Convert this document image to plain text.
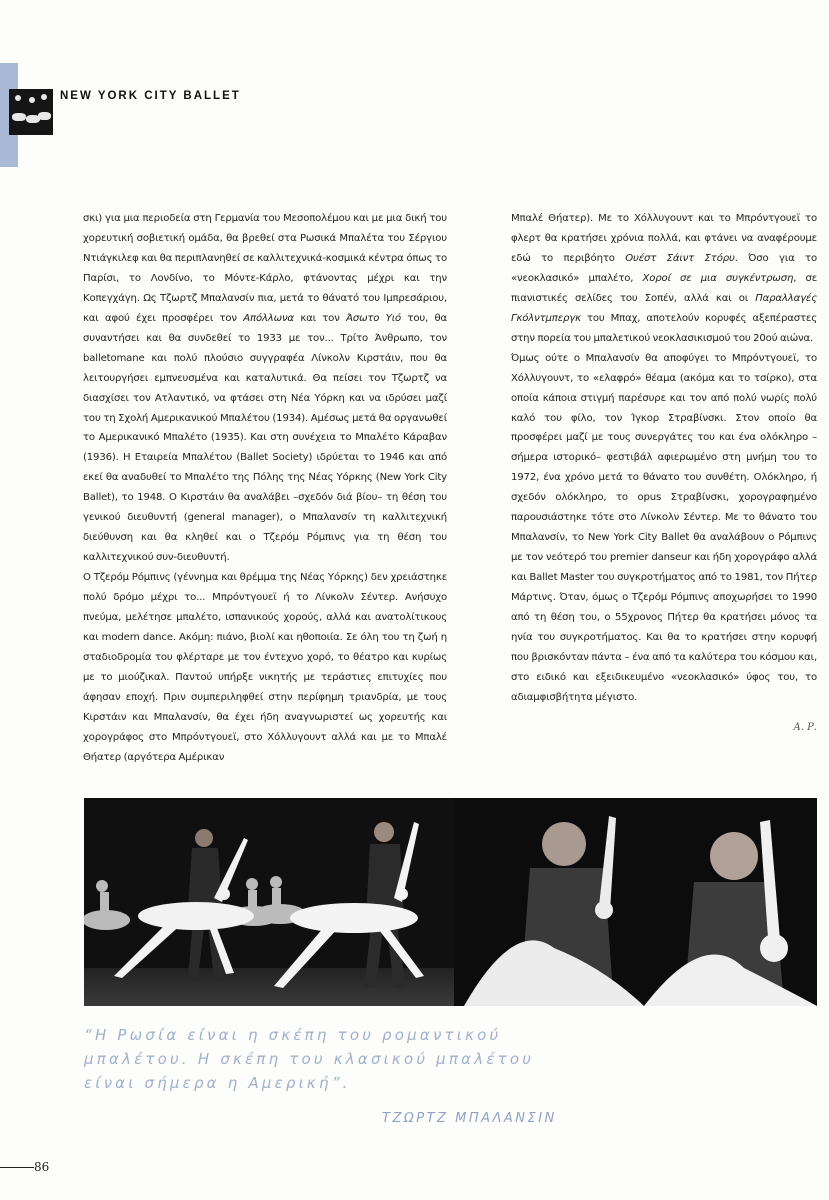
NEW YORK CITY BALLET

σκι) για μια περιοδεία στη Γερμανία του Μεσοπολέμου και με μια δική του χορευτική σοβιετική ομάδα, θα βρεθεί στα Ρωσικά Μπαλέτα του Σέργιου Ντιάγκιλεφ και θα περιπλανηθεί σε καλλιτεχνικά-κοσμικά κέντρα όπως το Παρίσι, το Λονδίνο, το Μόντε-Κάρλο, φτάνοντας μέχρι και την Κοπεγχάγη. Ως Τζωρτζ Μπαλανσίν πια, μετά το θάνατό του Ιμπρεσάριου, και αφού έχει προσφέρει τον Απόλλωνα και τον Άσωτο Υιό του, θα συναντήσει και θα συνδεθεί το 1933 με τον... Τρίτο Άνθρωπο, τον balletomane και πολύ πλούσιο συγγραφέα Λίνκολν Κιρστάιν, που θα λειτουργήσει εμπνευσμένα και καταλυτικά. Θα πείσει τον Τζωρτζ να διασχίσει τον Ατλαντικό, να φτάσει στη Νέα Υόρκη και να ιδρύσει μαζί του τη Σχολή Αμερικανικού Μπαλέτου (1934). Αμέσως μετά θα οργανωθεί το Αμερικανικό Μπαλέτο (1935). Και στη συνέχεια το Μπαλέτο Κάραβαν (1936). Η Εταιρεία Μπαλέτου (Ballet Society) ιδρύεται το 1946 και από εκεί θα αναδυθεί το Μπαλέτο της Πόλης της Νέας Υόρκης (New York City Ballet), το 1948. Ο Κιρστάιν θα αναλάβει –σχεδόν διά βίου– τη θέση του γενικού διευθυντή (general manager), ο Μπαλανσίν τη καλλιτεχνική διεύθυνση και θα κληθεί και ο Τζερόμ Ρόμπινς για τη θέση του καλλιτεχνικού συν-διευθυντή.

Ο Τζερόμ Ρόμπινς (γέννημα και θρέμμα της Νέας Υόρκης) δεν χρειάστηκε πολύ δρόμο μέχρι το... Μπρόντγουεϊ ή το Λίνκολν Σέντερ. Ανήσυχο πνεύμα, μελέτησε μπαλέτο, ισπανικούς χορούς, αλλά και ανατολίτικους και modern dance. Ακόμη: πιάνο, βιολί και ηθοποιία. Σε όλη του τη ζωή η σταδιοδρομία του φλέρταρε με τον έντεχνο χορό, το θέατρο και κυρίως με το μιούζικαλ. Παντού υπήρξε νικητής με τεράστιες επιτυχίες που άφησαν εποχή. Πριν συμπεριληφθεί στην περίφημη τριανδρία, με τους Κιρστάιν και Μπαλανσίν, θα έχει ήδη αναγνωριστεί ως χορευτής και χορογράφος στο Μπρόντγουεϊ, στο Χόλλυγουντ αλλά και με το Μπαλέ Θήατερ (αργότερα Αμέρικαν

Μπαλέ Θήατερ). Με το Χόλλυγουντ και το Μπρόντγουεϊ το φλερτ θα κρατήσει χρόνια πολλά, και φτάνει να αναφέρουμε εδώ το περιβόητο Ουέστ Σάιντ Στόρυ. Όσο για το «νεοκλασικό» μπαλέτο, Χοροί σε μια συγκέντρωση, σε πιανιστικές σελίδες του Σοπέν, αλλά και οι Παραλλαγές Γκόλντμπεργκ του Μπαχ, αποτελούν κορυφές αξεπέραστες στην πορεία του μπαλετικού νεοκλασικισμού του 20ού αιώνα.

Όμως ούτε ο Μπαλανσίν θα αποφύγει το Μπρόντγουεϊ, το Χόλλυγουντ, το «ελαφρό» θέαμα (ακόμα και το τσίρκο), στα οποία κάποια στιγμή παρέσυρε και τον από πολύ νωρίς πολύ καλό του φίλο, τον Ίγκορ Στραβίνσκι. Στον οποίο θα προσφέρει μαζί με τους συνεργάτες του και ένα ολόκληρο –σήμερα ιστορικό– φεστιβάλ αφιερωμένο στη μνήμη του το 1972, ένα χρόνο μετά το θάνατο του συνθέτη. Ολόκληρο, ή σχεδόν ολόκληρο, το opus Στραβίνσκι, χορογραφημένο παρουσιάστηκε τότε στο Λίνκολν Σέντερ. Με το θάνατο του Μπαλανσίν, το New York City Ballet θα αναλάβουν ο Ρόμπινς με τον νεότερό του premier danseur και ήδη χορογράφο αλλά και Ballet Master του συγκροτήματος από το 1981, τον Πήτερ Μάρτινς. Όταν, όμως ο Τζερόμ Ρόμπινς αποχωρήσει το 1990 από τη θέση του, ο 55χρονος Πήτερ θα κρατήσει μόνος τα ηνία του συγκροτήματος. Και θα το κρατήσει στην κορυφή που βρισκόνταν πάντα – ένα από τα καλύτερα του κόσμου και, στο ειδικό και εξειδικευμένο «νεοκλασικό» ύφος του, το αδιαμφισβήτητα μέγιστο.

Α. Ρ.

“Η Ρωσία είναι η σκέπη του ρομαντικού

μπαλέτου. Η σκέπη του κλασικού μπαλέτου

είναι σήμερα η Αμερική”.

ΤΖΩΡΤΖ ΜΠΑΛΑΝΣΙΝ
86
